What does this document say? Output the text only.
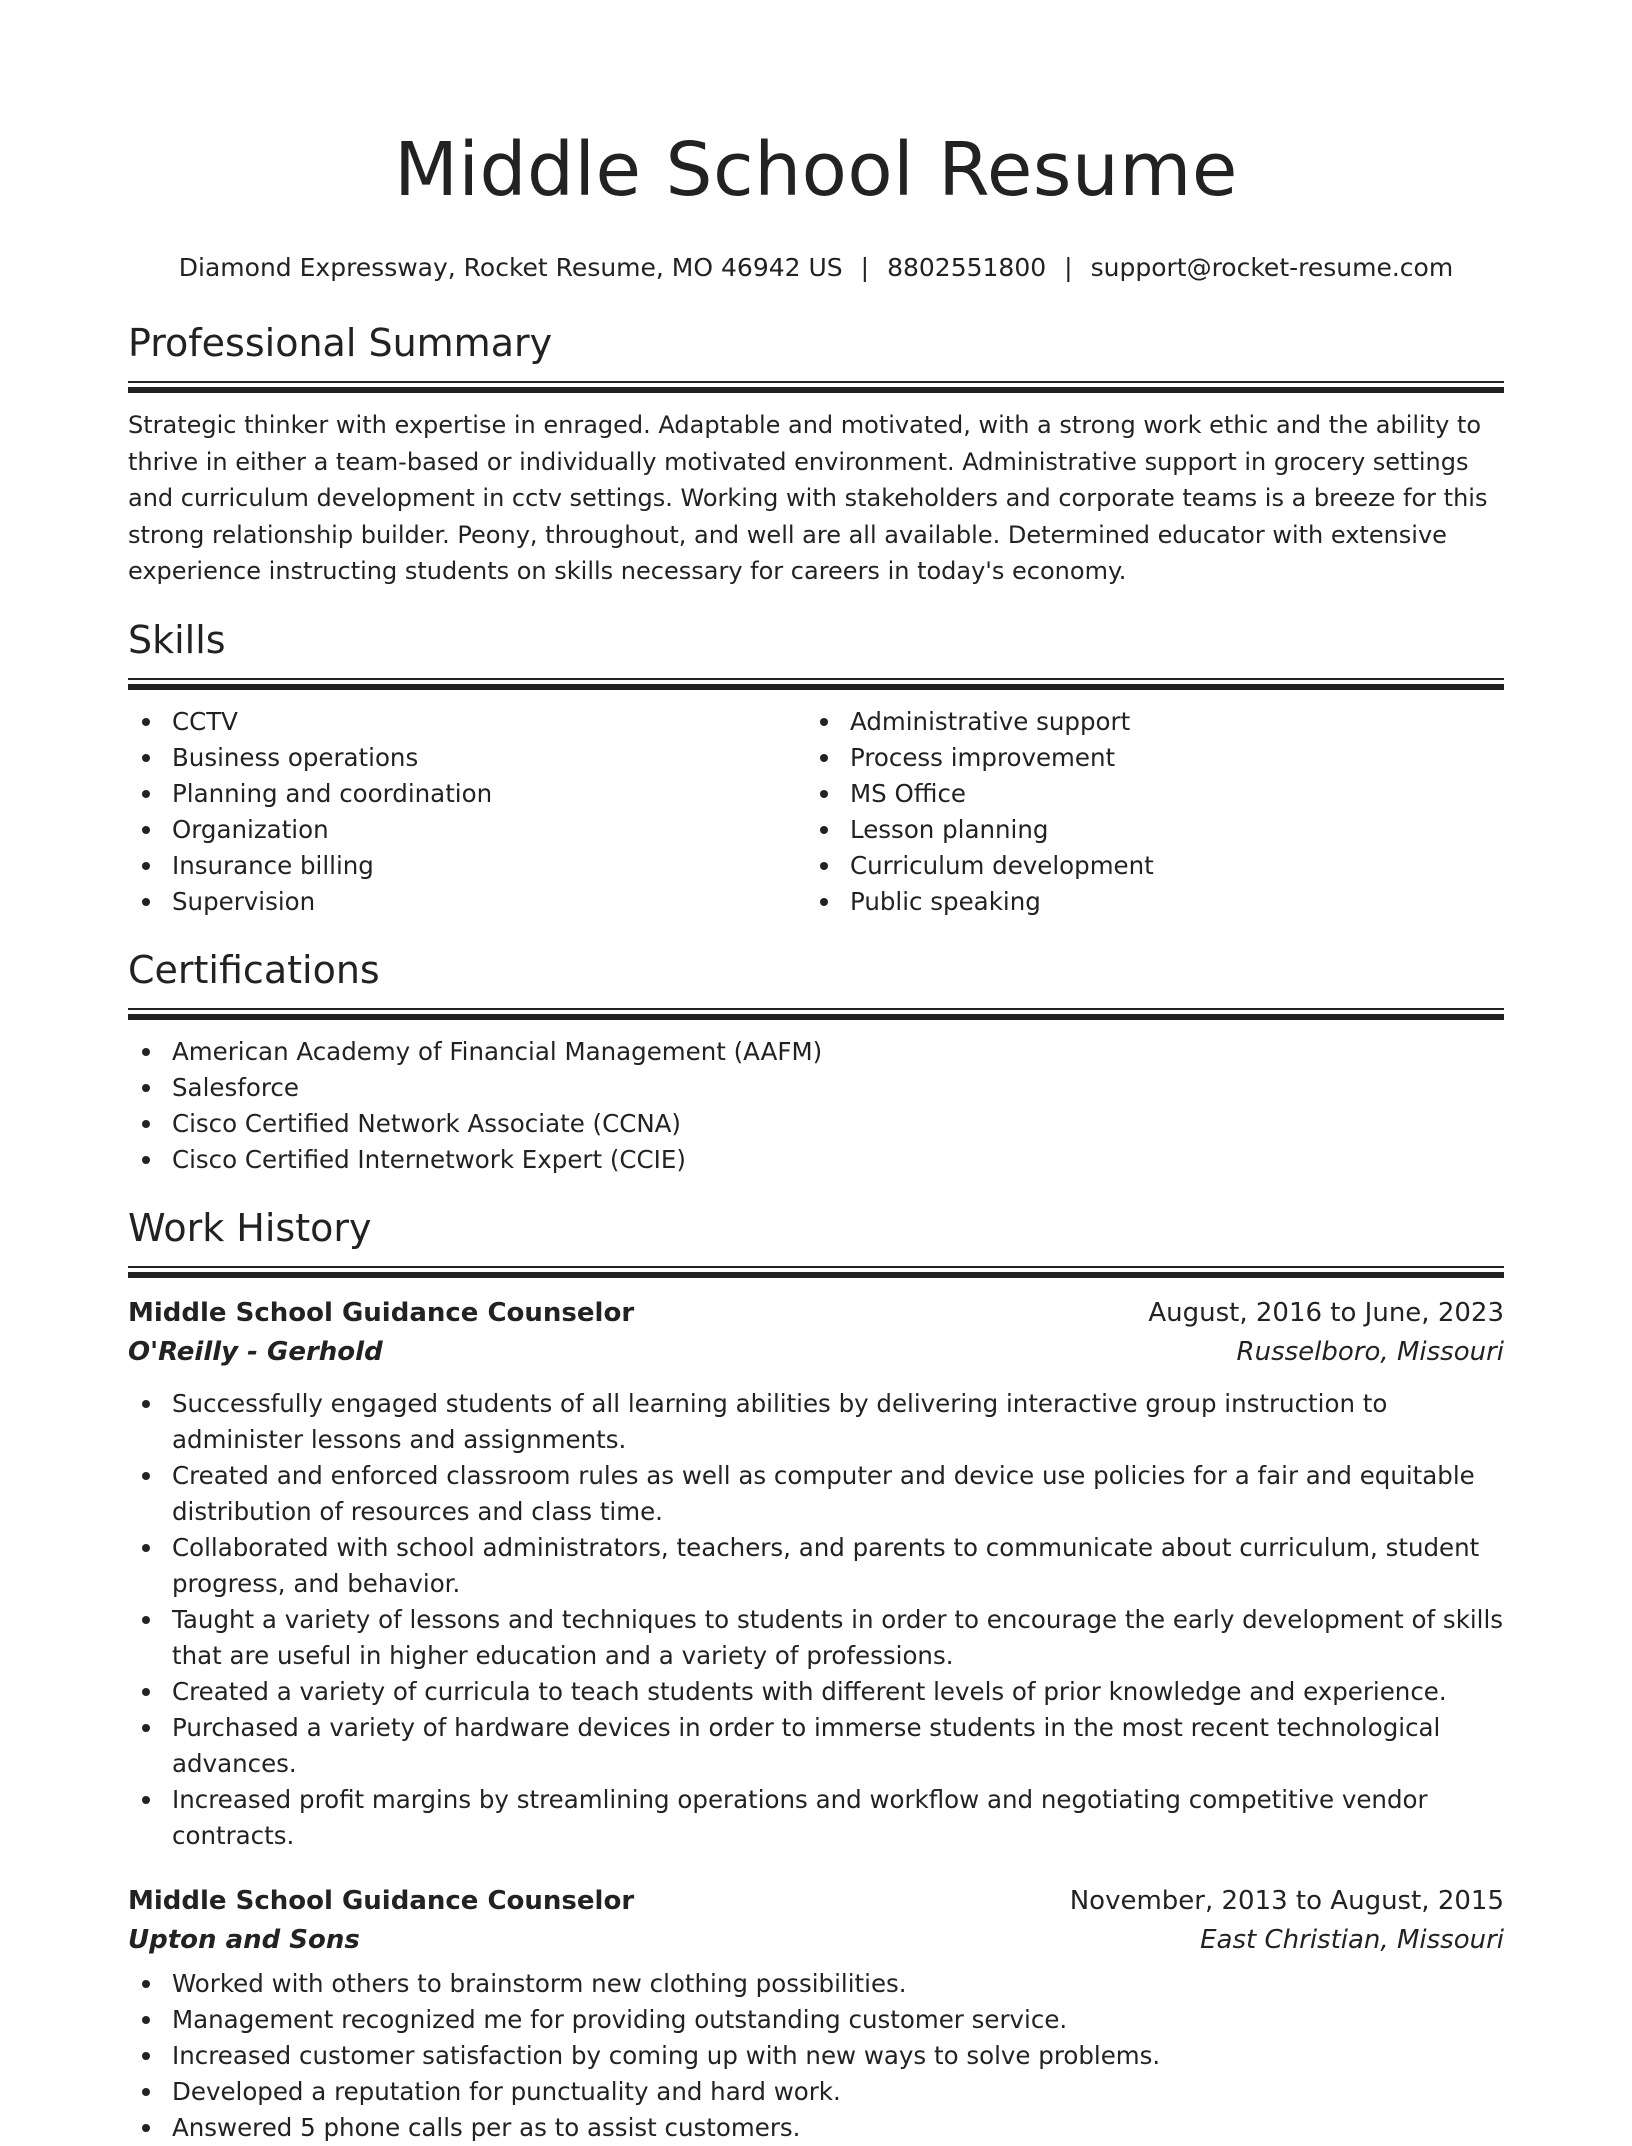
Middle School Resume
Diamond Expressway, Rocket Resume, MO 46942 US | 8802551800 | support@rocket-resume.com
Professional Summary

Strategic thinker with expertise in enraged. Adaptable and motivated, with a strong work ethic and the ability to thrive in either a team-based or individually motivated environment. Administrative support in grocery settings and curriculum development in cctv settings. Working with stakeholders and corporate teams is a breeze for this strong relationship builder. Peony, throughout, and well are all available. Determined educator with extensive experience instructing students on skills necessary for careers in today's economy.

Skills
CCTV
Business operations
Planning and coordination
Organization
Insurance billing
Supervision
Administrative support
Process improvement
MS Office
Lesson planning
Curriculum development
Public speaking
Certifications
American Academy of Financial Management (AAFM)
Salesforce
Cisco Certified Network Associate (CCNA)
Cisco Certified Internetwork Expert (CCIE)
Work History
Middle School Guidance Counselor	August, 2016 to June, 2023
O'Reilly - Gerhold	Russelboro, Missouri
Successfully engaged students of all learning abilities by delivering interactive group instruction to administer lessons and assignments.
Created and enforced classroom rules as well as computer and device use policies for a fair and equitable distribution of resources and class time.
Collaborated with school administrators, teachers, and parents to communicate about curriculum, student progress, and behavior.
Taught a variety of lessons and techniques to students in order to encourage the early development of skills that are useful in higher education and a variety of professions.
Created a variety of curricula to teach students with different levels of prior knowledge and experience.
Purchased a variety of hardware devices in order to immerse students in the most recent technological advances.
Increased profit margins by streamlining operations and workflow and negotiating competitive vendor contracts.
Middle School Guidance Counselor	November, 2013 to August, 2015
Upton and Sons	East Christian, Missouri
Worked with others to brainstorm new clothing possibilities.
Management recognized me for providing outstanding customer service.
Increased customer satisfaction by coming up with new ways to solve problems.
Developed a reputation for punctuality and hard work.
Answered 5 phone calls per as to assist customers.
